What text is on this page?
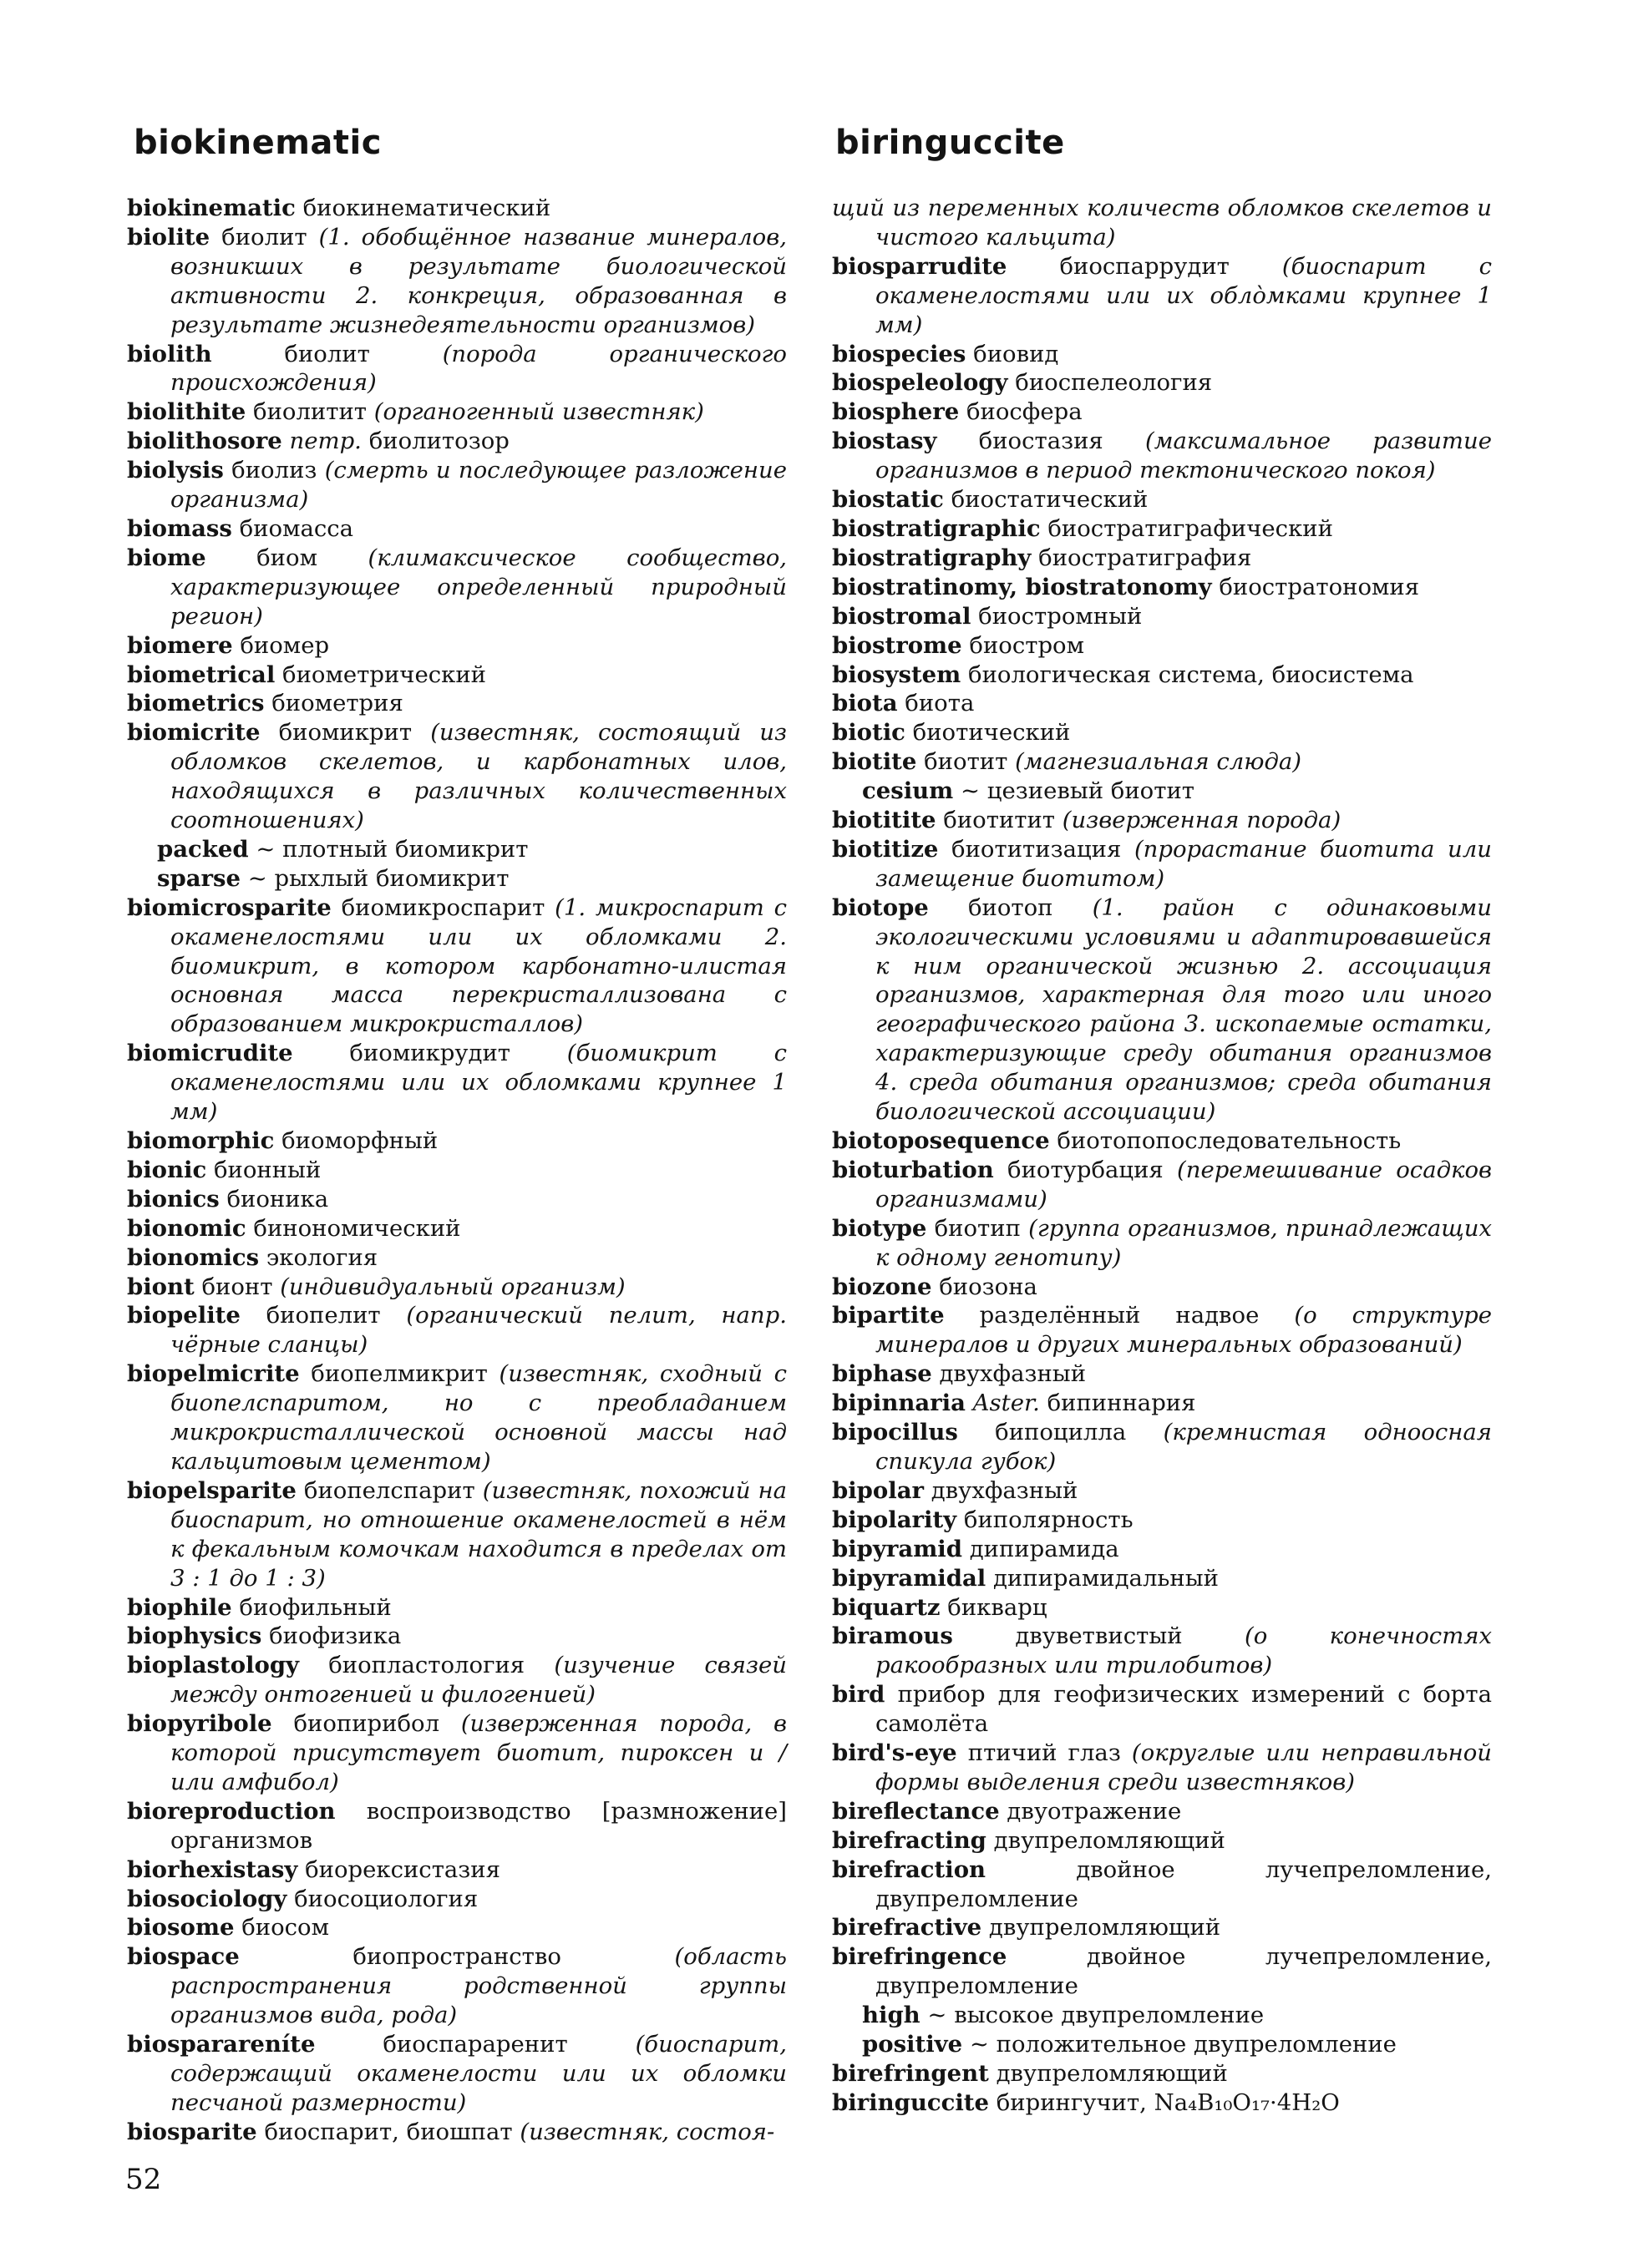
biokinematic	biringuccite
biokinematic биокинематический
biolite биолит (1. обобщённое название минералов, возникших в результате биологической активности 2. конкреция, образованная в результате жизнедеятельности организмов)
biolith	биолит	(порода органического происхождения)
biolithite биолитит (органогенный известняк)
biolithosore петр. биолитозор
biolysis биолиз (смерть и последующее разложение организма)
biomass биомасса
biome биом (климаксическое сообщество, характеризующее определенный природный регион)
biomere биомер
biometrical биометрический
biometrics биометрия
biomicrite биомикрит (известняк, состоящий из обломков скелетов, и карбонатных илов, находящихся в различных количественных соотношениях)
packed ~ плотный биомикрит
sparse ~ рыхлый биомикрит
biomicrosparite биомикроспарит (1. микроспарит с окаменелостями или их обломками 2. биомикрит, в котором карбонатно-илистая основная масса перекристаллизована с образованием микрокристаллов)
biomicrudite биомикрудит (биомикрит с окаменелостями или их обломками крупнее 1 мм)
biomorphic биоморфный
bionic бионный
bionics бионика
bionomic бинономический
bionomics экология
biont бионт (индивидуальный организм)
biopelite биопелит (органический пелит, напр. чёрные сланцы)
biopelmicrite биопелмикрит (известняк, сходный с биопелспаритом, но с преобладанием микрокристаллической основной массы над кальцитовым цементом)
biopelsparite биопелспарит (известняк, похожий на биоспарит, но отношение окаменелостей в нём к фекальным комочкам находится в пределах от 3 : 1 до 1 : 3)
biophile биофильный
biophysics биофизика
bioplastology биопластология (изучение связей между онтогенией и филогенией)
biopyribole биопирибол (изверженная порода, в которой присутствует биотит, пироксен и / или амфибол)
bioreproduction воспроизводство [размножение] организмов
biorhexistasy биорексистазия
biosociology биосоциология
biosome биосом
biospace	биопространство	(область распространения родственной группы организмов вида, рода)
biosparareníte	биоспарaренит	(биоспарит, содержащий окаменелости или их обломки песчаной размерности)
biosparite биоспарит, биошпат (известняк, состоя-
щий из переменных количеств обломков скелетов и чистого кальцита)
biosparrudite биоспаррудит (биоспарит с окаменелостями или их обло̀мками крупнее 1 мм)
biospecies биовид
biospeleology биоспелеология
biosphere биосфера
biostasy биостазия (максимальное развитие организмов в период тектонического покоя)
biostatic биостатический
biostratigraphic биостратиграфический
biostratigraphy биостратиграфия
biostratinomy, biostratonomy биостратономия
biostromal биостромный
biostrome биостром
biosystem биологическая система, биосистема
biota биота
biotic биотический
biotite биотит (магнезиальная слюда)
cesium ~ цезиевый биотит
biotitite биотитит (изверженная порода)
biotitize биотитизация (прорастание биотита или замещение биотитом)
biotope биотоп (1. район с одинаковыми экологическими условиями и адаптировавшейся к ним органической жизнью 2. ассоциация организмов, характерная для того или иного географического района 3. ископаемые остатки, характеризующие среду обитания организмов 4. среда обитания организмов; среда обитания биологической ассоциации)
biotoposequence биотопопоследовательность
bioturbation биотурбация (перемешивание осадков организмами)
biotype биотип (группа организмов, принадлежащих к одному генотипу)
biozone биозона
bipartite разделённый надвое (о структуре минералов и других минеральных образований)
biphase двухфазный
bipinnaria Aster. бипиннария
bipocillus бипоцилла (кремнистая одноосная спикула губок)
bipolar двухфазный
bipolarity биполярность
bipyramid дипирамида
bipyramidal дипирамидальный
biquartz бикварц
biramous	двуветвистый	(о конечностях ракообразных или трилобитов)
bird прибор для геофизических измерений с борта самолёта
bird's-eye птичий глаз (округлые или неправильной формы выделения среди известняков)
bireflectance двуотражение
birefracting двупреломляющий
birefraction	двойное лучепреломление, двупреломление
birefractive двупреломляющий
birefringence	двойное лучепреломление, двупреломление
high ~ высокое двупреломление
positive ~ положительное двупреломление
birefringent двупреломляющий
biringuccite бирингучит, Na₄B₁₀O₁₇·4H₂O
52
